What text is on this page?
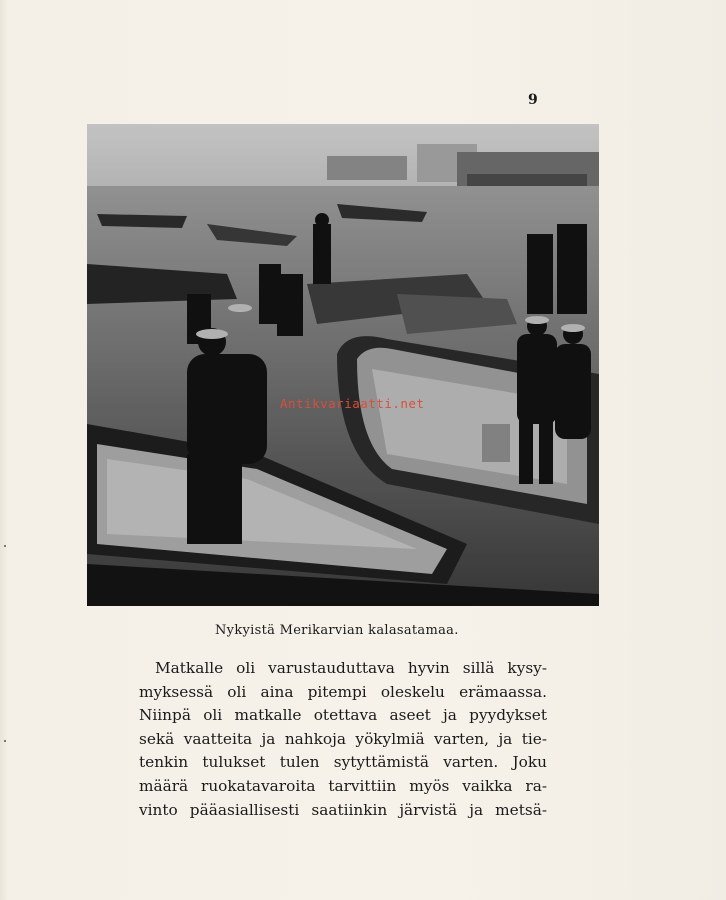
9
Antikvariaatti.net
Nykyistä Merikarvian kalasatamaa.
Matkalle oli varustauduttava hyvin sillä kysy-
myksessä oli aina pitempi oleskelu erämaassa.
Niinpä oli matkalle otettava aseet ja pyydykset
sekä vaatteita ja nahkoja yökylmiä varten, ja tie-
tenkin tulukset tulen sytyttämistä varten. Joku
määrä ruokatavaroita tarvittiin myös vaikka ra-
vinto pääasiallisesti saatiinkin järvistä ja metsä-
